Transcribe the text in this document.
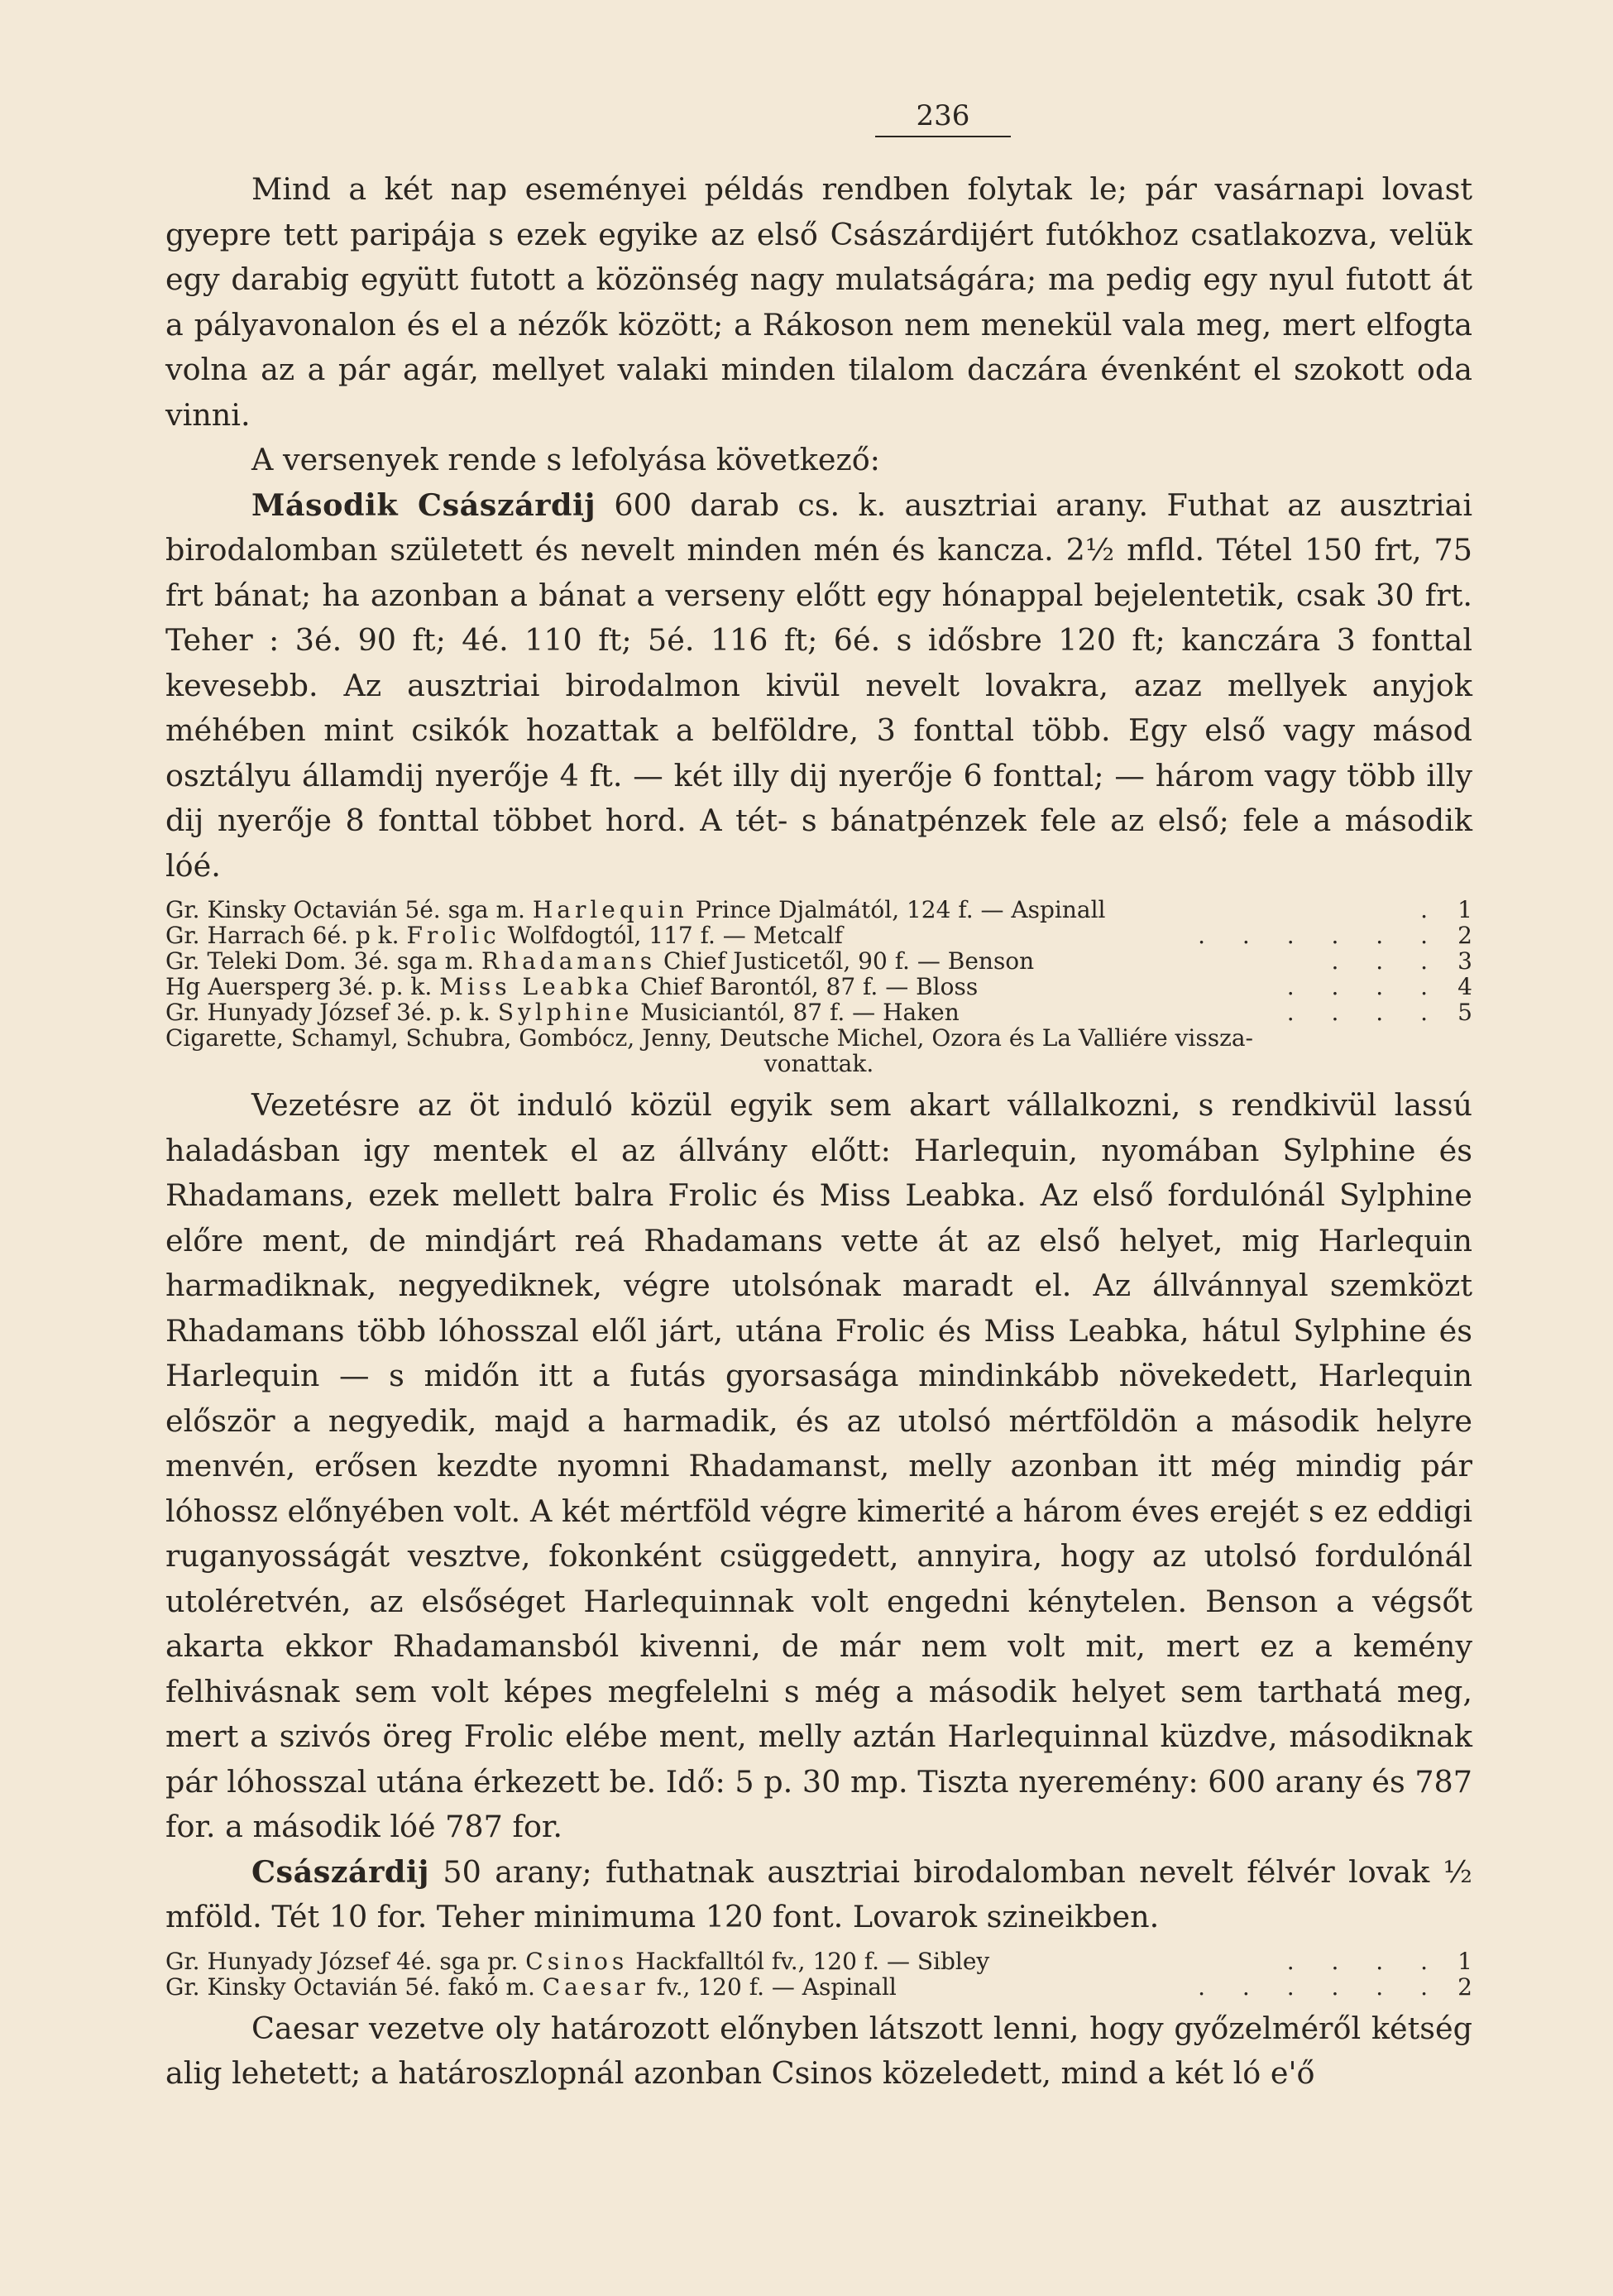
236

Mind a két nap eseményei példás rendben folytak le; pár vasárnapi lovast gyepre tett paripája s ezek egyike az első Császárdijért futókhoz csatlakozva, velük egy darabig együtt futott a közönség nagy mulatságára; ma pedig egy nyul futott át a pályavonalon és el a nézők között; a Rákoson nem menekül vala meg, mert elfogta volna az a pár agár, mellyet valaki minden tilalom daczára évenként el szokott oda vinni.

A versenyek rende s lefolyása következő:

Második Császárdij 600 darab cs. k. ausztriai arany. Futhat az ausztriai birodalomban született és nevelt minden mén és kancza. 2½ mfld. Tétel 150 frt, 75 frt bánat; ha azonban a bánat a verseny előtt egy hónappal bejelentetik, csak 30 frt. Teher : 3é. 90 ft; 4é. 110 ft; 5é. 116 ft; 6é. s idősbre 120 ft; kanczára 3 fonttal kevesebb. Az ausztriai birodalmon kivül nevelt lovakra, azaz mellyek anyjok méhében mint csikók hozattak a belföldre, 3 fonttal több. Egy első vagy másod osztályu államdij nyerője 4 ft. — két illy dij nyerője 6 fonttal; — három vagy több illy dij nyerője 8 fonttal többet hord. A tét- s bánatpénzek fele az első; fele a második lóé.

Gr. Kinsky Octavián 5é. sga m. Harlequin Prince Djalmától, 124 f. — Aspinall	. 1
Gr. Harrach 6é. p k. Frolic Wolfdogtól, 117 f. — Metcalf	. . . . . . 2
Gr. Teleki Dom. 3é. sga m. Rhadamans Chief Justicetől, 90 f. — Benson	. . . 3
Hg Auersperg 3é. p. k. Miss Leabka Chief Barontól, 87 f. — Bloss	. . . . 4
Gr. Hunyady József 3é. p. k. Sylphine Musiciantól, 87 f. — Haken	. . . . 5
Cigarette, Schamyl, Schubra, Gombócz, Jenny, Deutsche Michel, Ozora és La Valliére vissza-
vonattak.

Vezetésre az öt induló közül egyik sem akart vállalkozni, s rendkivül lassú haladásban igy mentek el az állvány előtt: Harlequin, nyomában Sylphine és Rhadamans, ezek mellett balra Frolic és Miss Leabka. Az első fordulónál Sylphine előre ment, de mindjárt reá Rhadamans vette át az első helyet, mig Harlequin harmadiknak, negyediknek, végre utolsónak maradt el. Az állvánnyal szemközt Rhadamans több lóhosszal elől járt, utána Frolic és Miss Leabka, hátul Sylphine és Harlequin — s midőn itt a futás gyorsasága mindinkább növekedett, Harlequin először a negyedik, majd a harmadik, és az utolsó mértföldön a második helyre menvén, erősen kezdte nyomni Rhadamanst, melly azonban itt még mindig pár lóhossz előnyében volt. A két mértföld végre kimerité a három éves erejét s ez eddigi ruganyosságát vesztve, fokonként csüggedett, annyira, hogy az utolsó fordulónál utoléretvén, az elsőséget Harlequinnak volt engedni kénytelen. Benson a végsőt akarta ekkor Rhadamansból kivenni, de már nem volt mit, mert ez a kemény felhivásnak sem volt képes megfelelni s még a második helyet sem tarthatá meg, mert a szivós öreg Frolic elébe ment, melly aztán Harlequinnal küzdve, másodiknak pár lóhosszal utána érkezett be. Idő: 5 p. 30 mp. Tiszta nyeremény: 600 arany és 787 for. a második lóé 787 for.

Császárdij 50 arany; futhatnak ausztriai birodalomban nevelt félvér lovak ½ mföld. Tét 10 for. Teher minimuma 120 font. Lovarok szineikben.

Gr. Hunyady József 4é. sga pr. Csinos Hackfalltól fv., 120 f. — Sibley	. . . . 1
Gr. Kinsky Octavián 5é. fakó m. Caesar fv., 120 f. — Aspinall	. . . . . . 2

Caesar vezetve oly határozott előnyben látszott lenni, hogy győzelméről kétség alig lehetett; a határoszlopnál azonban Csinos közeledett, mind a két ló e'ő
